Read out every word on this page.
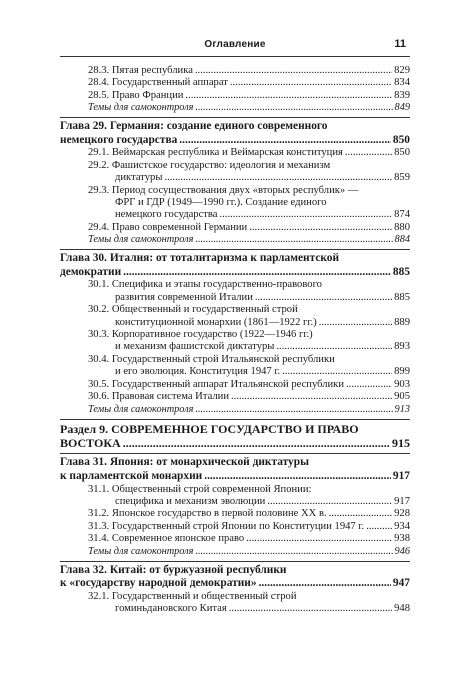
Оглавление	11
28.3. Пятая республика .....	829
28.4. Государственный аппарат .....	834
28.5. Право Франции .....	839
Темы для самоконтроля .....	849
Глава 29. Германия: создание единого современного
немецкого государства .....	850
29.1. Веймарская республика и Веймарская конституция .....	850
29.2. Фашистское государство: идеология и механизм
диктатуры .....	859
29.3. Период сосуществования двух «вторых республик» —
ФРГ и ГДР (1949—1990 гг.). Создание единого
немецкого государства .....	874
29.4. Право современной Германии .....	880
Темы для самоконтроля .....	884
Глава 30. Италия: от тоталитаризма к парламентской
демократии .....	885
30.1. Специфика и этапы государственно-правового
развития современной Италии .....	885
30.2. Общественный и государственный строй
конституционной монархии (1861—1922 гг.) .....	889
30.3. Корпоративное государство (1922—1946 гг.)
и механизм фашистской диктатуры .....	893
30.4. Государственный строй Итальянской республики
и его эволюция. Конституция 1947 г. .....	899
30.5. Государственный аппарат Итальянской республики .....	903
30.6. Правовая система Италии .....	905
Темы для самоконтроля .....	913
Раздел 9. СОВРЕМЕННОЕ ГОСУДАРСТВО И ПРАВО
ВОСТОКА .....	915
Глава 31. Япония: от монархической диктатуры
к парламентской монархии .....	917
31.1. Общественный строй современной Японии:
специфика и механизм эволюции .....	917
31.2. Японское государство в первой половине XX в. .....	928
31.3. Государственный строй Японии по Конституции 1947 г. .....	934
31.4. Современное японское право .....	938
Темы для самоконтроля .....	946
Глава 32. Китай: от буржуазной республики
к «государству народной демократии» .....	947
32.1. Государственный и общественный строй
гоминьдановского Китая .....	948
